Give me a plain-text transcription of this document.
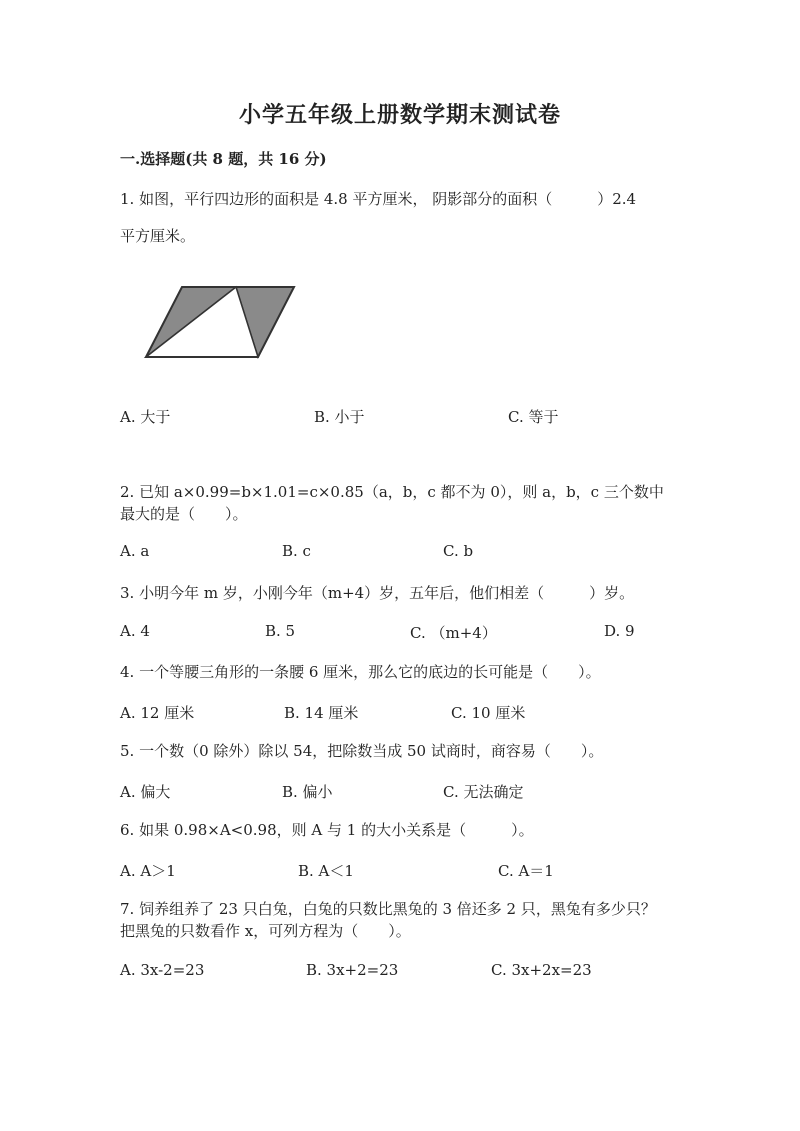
小学五年级上册数学期末测试卷
一.选择题(共 8 题，共 16 分)
1. 如图，平行四边形的面积是 4.8 平方厘米， 阴影部分的面积（　　　）2.4
平方厘米。
A. 大于	B. 小于	C. 等于
2. 已知 a×0.99=b×1.01=c×0.85（a，b，c 都不为 0），则 a，b，c 三个数中
最大的是（　　）。
A. a	B. c	C. b
3. 小明今年 m 岁，小刚今年（m+4）岁，五年后，他们相差（　　　）岁。
A. 4	B. 5	C. （m+4）	D. 9
4. 一个等腰三角形的一条腰 6 厘米，那么它的底边的长可能是（　　）。
A. 12 厘米	B. 14 厘米	C. 10 厘米
5. 一个数（0 除外）除以 54，把除数当成 50 试商时，商容易（　　）。
A. 偏大	B. 偏小	C. 无法确定
6. 如果 0.98×A<0.98，则 A 与 1 的大小关系是（　　　）。
A. A＞1	B. A＜1	C. A＝1
7. 饲养组养了 23 只白兔，白兔的只数比黑兔的 3 倍还多 2 只，黑兔有多少只？
把黑兔的只数看作 x，可列方程为（　　）。
A. 3x-2=23	B. 3x+2=23	C. 3x+2x=23
